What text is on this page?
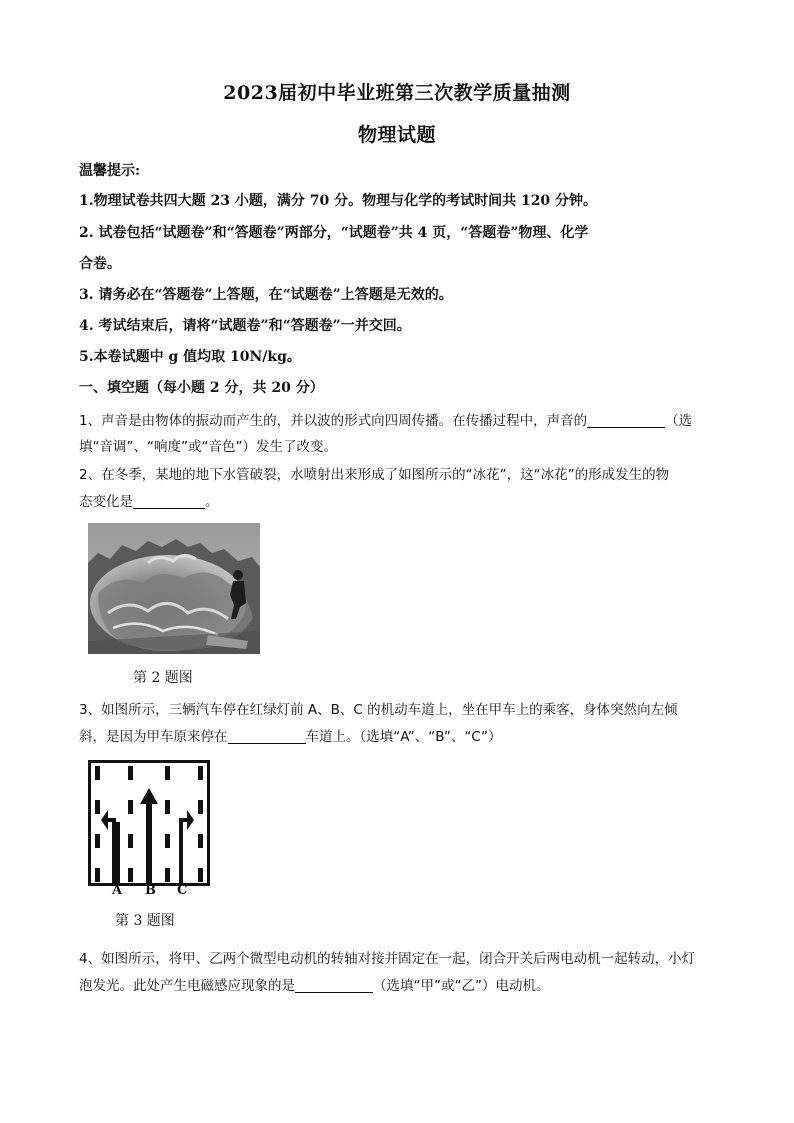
2023届初中毕业班第三次教学质量抽测
物理试题
温馨提示:
1.物理试卷共四大题 23 小题，满分 70 分。物理与化学的考试时间共 120 分钟。
2. 试卷包括“试题卷”和“答题卷”两部分，“试题卷”共 4 页，“答题卷”物理、化学
合卷。
3. 请务必在“答题卷”上答题，在“试题卷”上答题是无效的。
4. 考试结束后，请将“试题卷”和“答题卷”一并交回。
5.本卷试题中 g 值均取 10N/kg。
一、填空题（每小题 2 分，共 20 分）
1、声音是由物体的振动而产生的，并以波的形式向四周传播。在传播过程中，声音的	（选
填“音调”、“响度”或“音色”）发生了改变。
2、在冬季，某地的地下水管破裂，水喷射出来形成了如图所示的“冰花”，这“冰花”的形成发生的物
态变化是	。
第 2 题图
3、如图所示，三辆汽车停在红绿灯前 A、B、C 的机动车道上，坐在甲车上的乘客，身体突然向左倾
斜，是因为甲车原来停在	车道上。（选填“A”、“B”、“C”）
A B C
第 3 题图
4、如图所示，将甲、乙两个微型电动机的转轴对接并固定在一起，闭合开关后两电动机一起转动，小灯
泡发光。此处产生电磁感应现象的是	（选填“甲”或“乙”）电动机。
